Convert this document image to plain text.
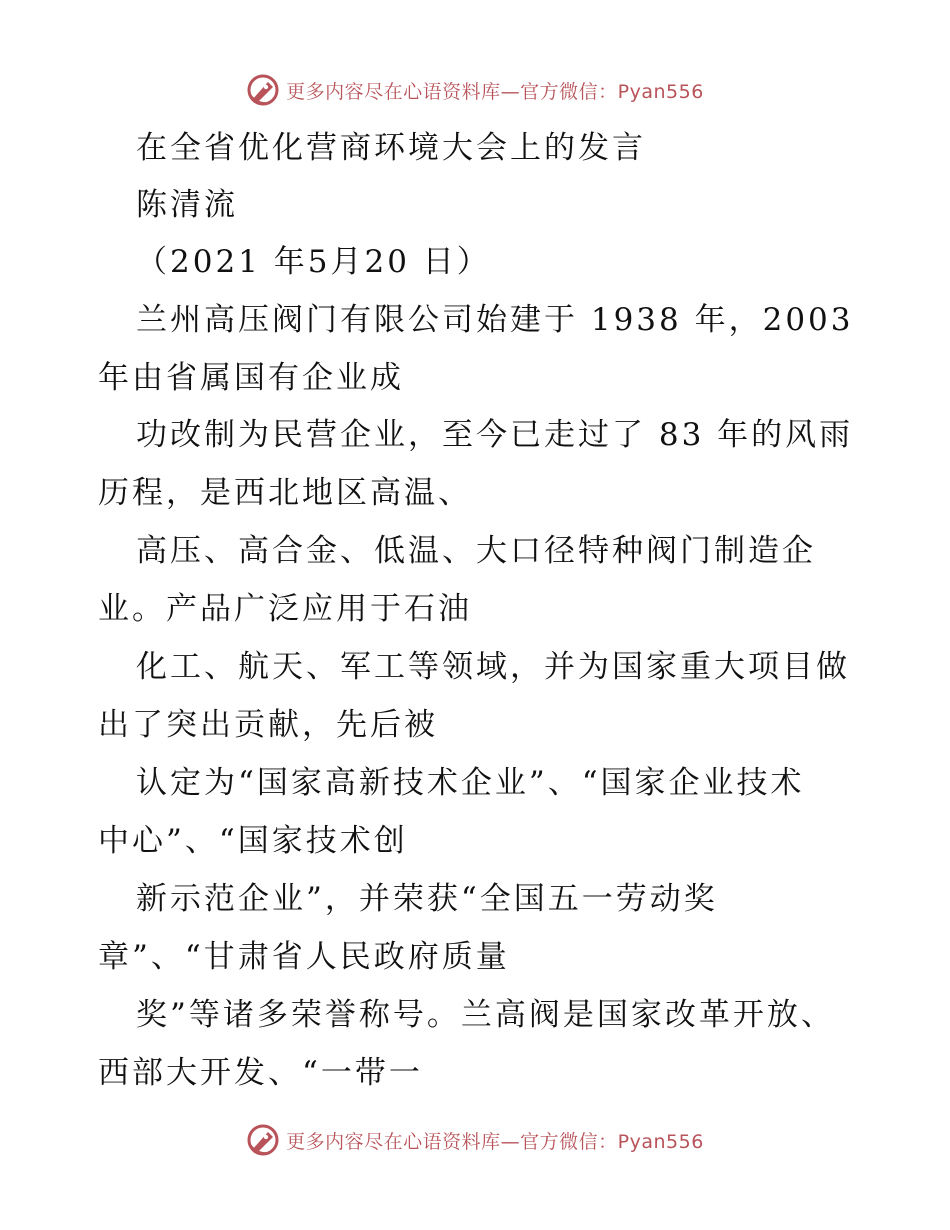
更多内容尽在心语资料库—官方微信：Pyan556
在全省优化营商环境大会上的发言
陈清流
（2021 年5月20 日）
兰州高压阀门有限公司始建于 1938 年，2003
年由省属国有企业成
功改制为民营企业，至今已走过了 83 年的风雨
历程，是西北地区高温、
高压、高合金、低温、大口径特种阀门制造企
业。产品广泛应用于石油
化工、航天、军工等领域，并为国家重大项目做
出了突出贡献，先后被
认定为“国家高新技术企业”、“国家企业技术
中心”、“国家技术创
新示范企业”，并荣获“全国五一劳动奖
章”、“甘肃省人民政府质量
奖”等诸多荣誉称号。兰高阀是国家改革开放、
西部大开发、“一带一
更多内容尽在心语资料库—官方微信：Pyan556
